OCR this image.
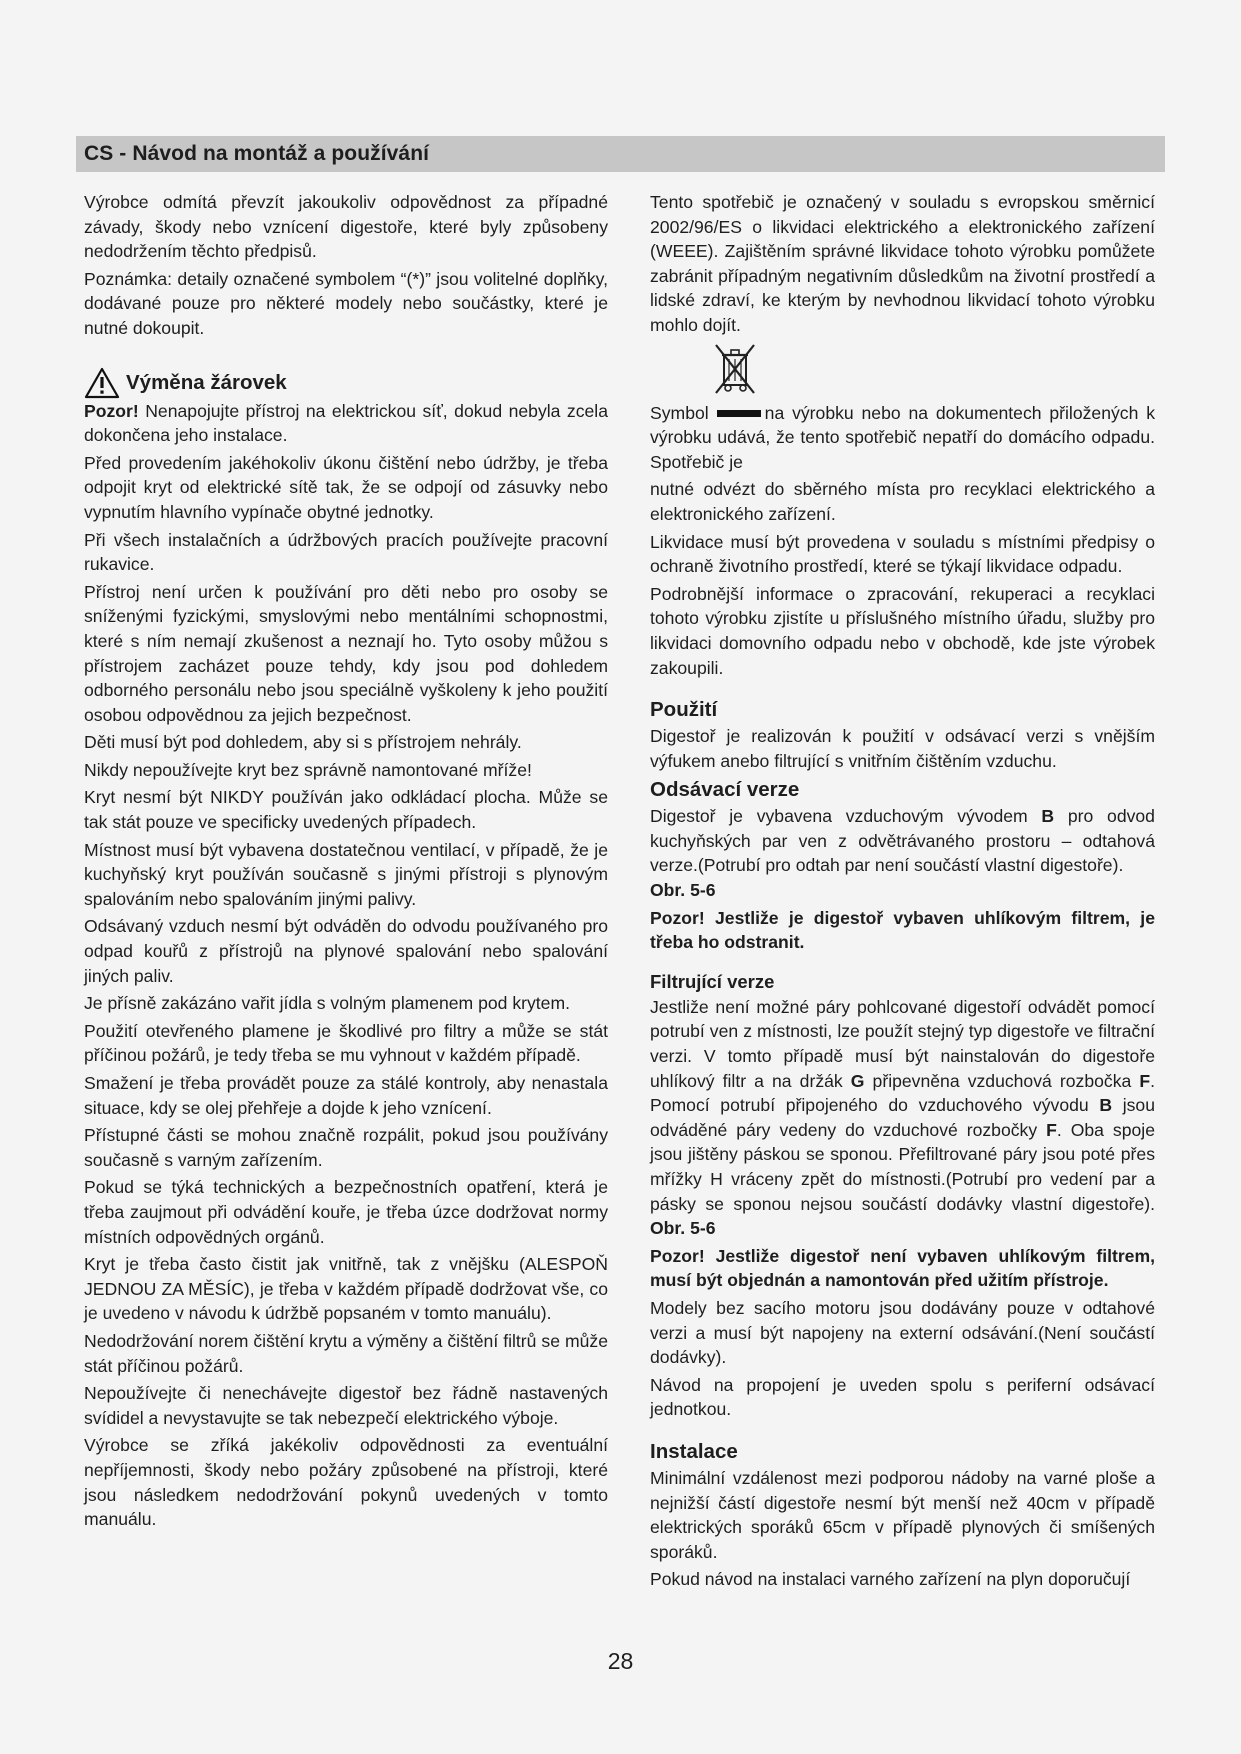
CS - Návod na montáž a používání

Výrobce odmítá převzít jakoukoliv odpovědnost za případné závady, škody nebo vznícení digestoře, které byly způsobeny nedodržením těchto předpisů.

Poznámka: detaily označené symbolem “(*)” jsou volitelné doplňky, dodávané pouze pro některé modely nebo součástky, které je nutné dokoupit.

Výměna žárovek

Pozor! Nenapojujte přístroj na elektrickou síť, dokud nebyla zcela dokončena jeho instalace.

Před provedením jakéhokoliv úkonu čištění nebo údržby, je třeba odpojit kryt od elektrické sítě tak, že se odpojí od zásuvky nebo vypnutím hlavního vypínače obytné jednotky.

Při všech instalačních a údržbových pracích používejte pracovní rukavice.

Přístroj není určen k používání pro děti nebo pro osoby se sníženými fyzickými, smyslovými nebo mentálními schopnostmi, které s ním nemají zkušenost a neznají ho. Tyto osoby můžou s přístrojem zacházet pouze tehdy, kdy jsou pod dohledem odborného personálu nebo jsou speciálně vyškoleny k jeho použití osobou odpovědnou za jejich bezpečnost.

Děti musí být pod dohledem, aby si s přístrojem nehrály.

Nikdy nepoužívejte kryt bez správně namontované mříže!

Kryt nesmí být NIKDY používán jako odkládací plocha. Může se tak stát pouze ve specificky uvedených případech.

Místnost musí být vybavena dostatečnou ventilací, v případě, že je kuchyňský kryt používán současně s jinými přístroji s plynovým spalováním nebo spalováním jinými palivy.

Odsávaný vzduch nesmí být odváděn do odvodu používaného pro odpad kouřů z přístrojů na plynové spalování nebo spalování jiných paliv.

Je přísně zakázáno vařit jídla s volným plamenem pod krytem.

Použití otevřeného plamene je škodlivé pro filtry a může se stát příčinou požárů, je tedy třeba se mu vyhnout v každém případě.

Smažení je třeba provádět pouze za stálé kontroly, aby nenastala situace, kdy se olej přehřeje a dojde k jeho vznícení.

Přístupné části se mohou značně rozpálit, pokud jsou používány současně s varným zařízením.

Pokud se týká technických a bezpečnostních opatření, která je třeba zaujmout při odvádění kouře, je třeba úzce dodržovat normy místních odpovědných orgánů.

Kryt je třeba často čistit jak vnitřně, tak z vnějšku (ALESPOŇ JEDNOU ZA MĚSÍC), je třeba v každém případě dodržovat vše, co je uvedeno v návodu k údržbě popsaném v tomto manuálu).

Nedodržování norem čištění krytu a výměny a čištění filtrů se může stát příčinou požárů.

Nepoužívejte či nenechávejte digestoř bez řádně nastavených svídidel a nevystavujte se tak nebezpečí elektrického výboje.

Výrobce se zříká jakékoliv odpovědnosti za eventuální nepříjemnosti, škody nebo požáry způsobené na přístroji, které jsou následkem nedodržování pokynů uvedených v tomto manuálu.

Tento spotřebič je označený v souladu s evropskou směrnicí 2002/96/ES o likvidaci elektrického a elektronického zařízení (WEEE). Zajištěním správné likvidace tohoto výrobku pomůžete zabránit případným negativním důsledkům na životní prostředí a lidské zdraví, ke kterým by nevhodnou likvidací tohoto výrobku mohlo dojít.

Symbol	na výrobku nebo na dokumentech přiložených k výrobku udává, že tento spotřebič nepatří do domácího odpadu. Spotřebič je

nutné odvézt do sběrného místa pro recyklaci elektrického a elektronického zařízení.

Likvidace musí být provedena v souladu s místními předpisy o ochraně životního prostředí, které se týkají likvidace odpadu.

Podrobnější informace o zpracování, rekuperaci a recyklaci tohoto výrobku zjistíte u příslušného místního úřadu, služby pro likvidaci domovního odpadu nebo v obchodě, kde jste výrobek zakoupili.

Použití

Digestoř je realizován k použití v odsávací verzi s vnějším výfukem anebo filtrující s vnitřním čištěním vzduchu.

Odsávací verze

Digestoř je vybavena vzduchovým vývodem B pro odvod kuchyňských par ven z odvětrávaného prostoru – odtahová verze.(Potrubí pro odtah par není součástí vlastní digestoře).
Obr. 5-6

Pozor! Jestliže je digestoř vybaven uhlíkovým filtrem, je třeba ho odstranit.

Filtrující verze

Jestliže není možné páry pohlcované digestoří odvádět pomocí potrubí ven z místnosti, lze použít stejný typ digestoře ve filtrační verzi. V tomto případě musí být nainstalován do digestoře uhlíkový filtr a na držák G připevněna vzduchová rozbočka F. Pomocí potrubí připojeného do vzduchového vývodu B jsou odváděné páry vedeny do vzduchové rozbočky F. Oba spoje jsou jištěny páskou se sponou. Přefiltrované páry jsou poté přes mřížky H vráceny zpět do místnosti.(Potrubí pro vedení par a pásky se sponou nejsou součástí dodávky vlastní digestoře). Obr. 5-6

Pozor! Jestliže digestoř není vybaven uhlíkovým filtrem, musí být objednán a namontován před užitím přístroje.

Modely bez sacího motoru jsou dodávány pouze v odtahové verzi a musí být napojeny na externí odsávání.(Není součástí dodávky).

Návod na propojení je uveden spolu s periferní odsávací jednotkou.

Instalace

Minimální vzdálenost mezi podporou nádoby na varné ploše a nejnižší částí digestoře nesmí být menší než 40cm v případě elektrických sporáků 65cm v případě plynových či smíšených sporáků.

Pokud návod na instalaci varného zařízení na plyn doporučují

28
